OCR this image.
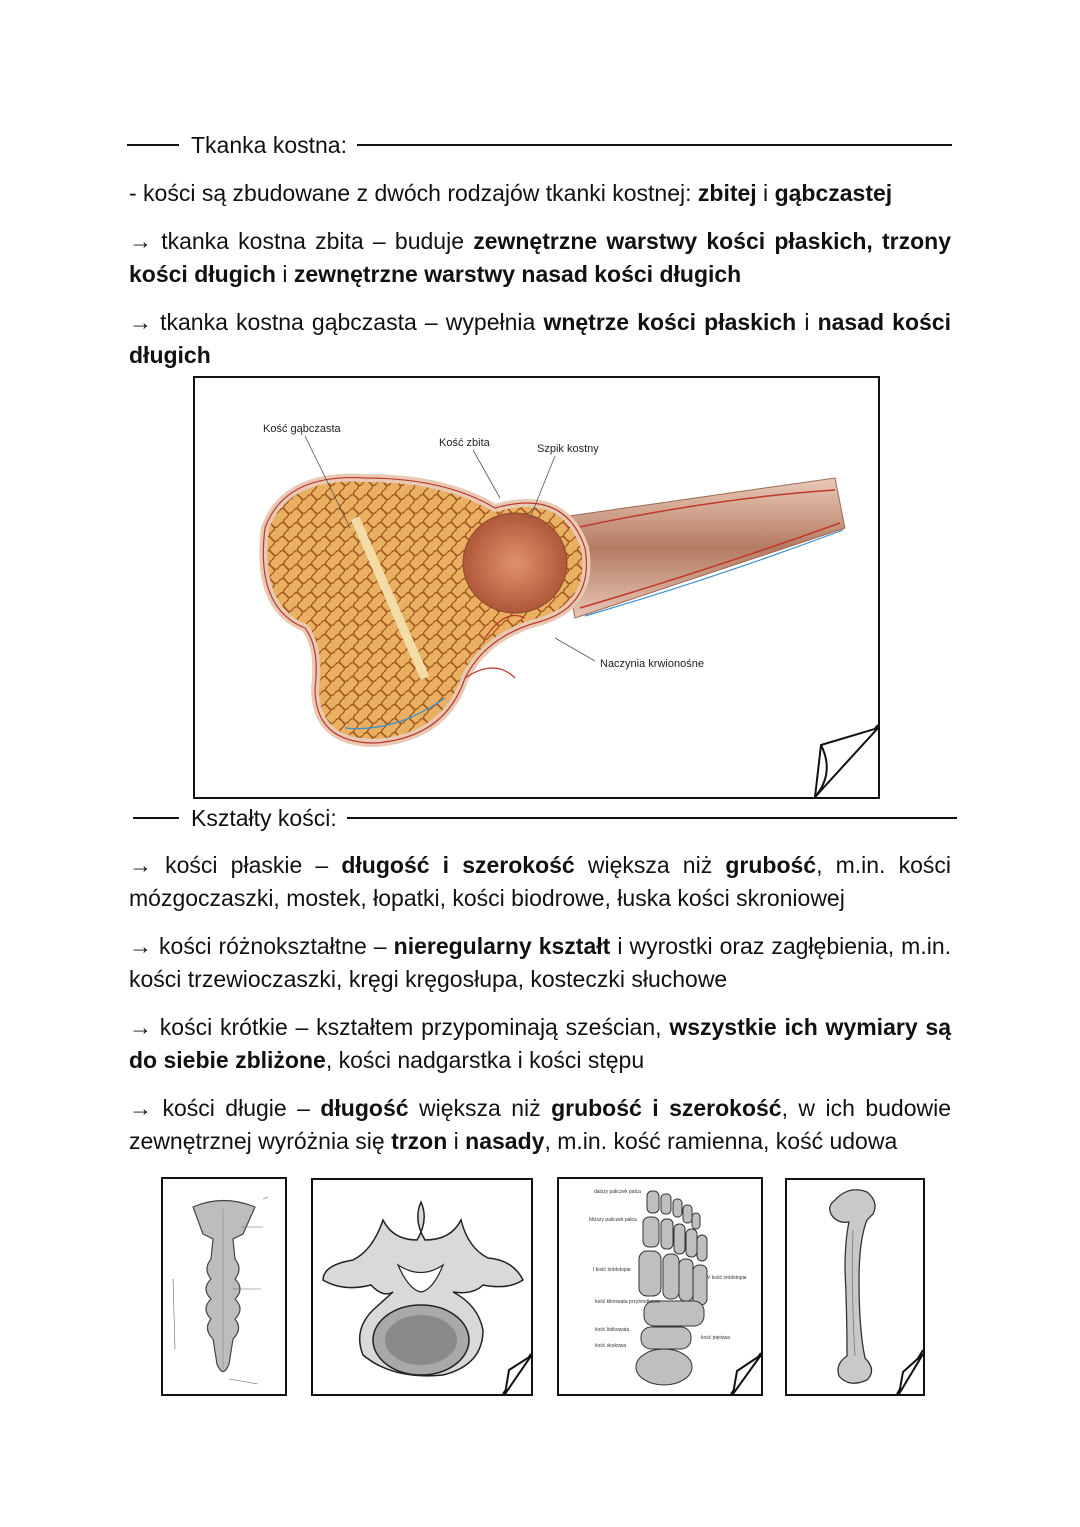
Tkanka kostna:
- kości są zbudowane z dwóch rodzajów tkanki kostnej: zbitej i gąbczastej
→ tkanka kostna zbita – buduje zewnętrzne warstwy kości płaskich, trzony kości długich i zewnętrzne warstwy nasad kości długich
→ tkanka kostna gąbczasta – wypełnia wnętrze kości płaskich i nasad kości długich
Kość gąbczasta
Kość zbita	Szpik kostny
Naczynia krwionośne
Kształty kości:
→ kości płaskie – długość i szerokość większa niż grubość, m.in. kości mózgoczaszki, mostek, łopatki, kości biodrowe, łuska kości skroniowej
→ kości różnokształtne – nieregularny kształt i wyrostki oraz zagłębienia, m.in. kości trzewioczaszki, kręgi kręgosłupa, kosteczki słuchowe
→ kości krótkie – kształtem przypominają sześcian, wszystkie ich wymiary są do siebie zbliżone, kości nadgarstka i kości stępu
→ kości długie – długość większa niż grubość i szerokość, w ich budowie zewnętrznej wyróżnia się trzon i nasady, m.in. kość ramienna, kość udowa
dalszy paliczek palca
bliższy paliczek palca
I kość śródstopia
V kość śródstopia
kość klinowata przyśrodkowa
kość łódkowata
kość skokowa
kość piętowa
